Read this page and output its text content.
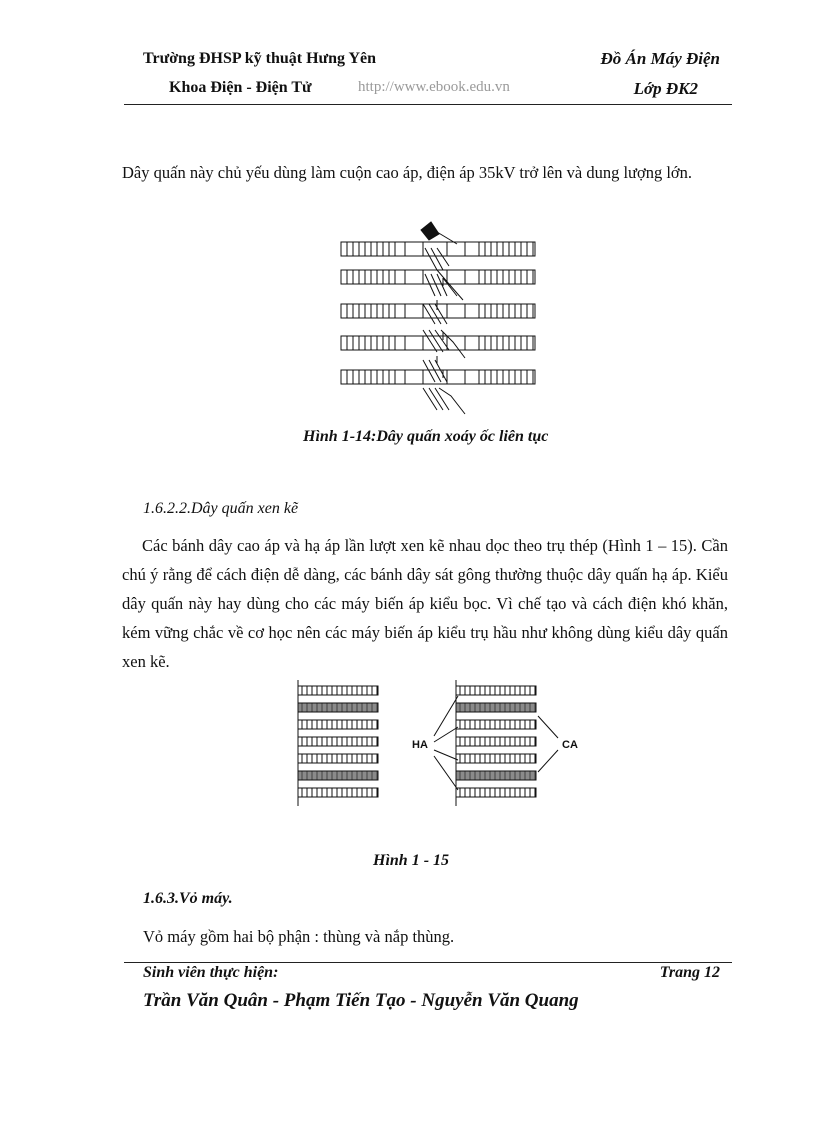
Trường ĐHSP kỹ thuật Hưng Yên	Đồ Án Máy Điện
Khoa Điện - Điện Tử	http://www.ebook.edu.vn	Lớp ĐK2
Dây quấn này chủ yếu dùng làm cuộn cao áp, điện áp 35kV trở lên và dung lượng lớn.
Hình 1-14:Dây quấn xoáy ốc liên tục
1.6.2.2.Dây quấn xen kẽ
Các bánh dây cao áp và hạ áp lần lượt xen kẽ nhau dọc theo trụ thép (Hình 1 – 15). Cần chú ý rằng để cách điện dễ dàng, các bánh dây sát gông thường thuộc dây quấn hạ áp. Kiểu dây quấn này hay dùng cho các máy biến áp kiểu bọc. Vì chế tạo và cách điện khó khăn, kém vững chắc về cơ học nên các máy biến áp kiểu trụ hầu như không dùng kiểu dây quấn xen kẽ.
HA	CA
Hình 1 - 15
1.6.3.Vỏ máy.
Vỏ máy gồm hai bộ phận : thùng và nắp thùng.
Sinh viên thực hiện:	Trang 12
Trần Văn Quân - Phạm Tiến Tạo - Nguyễn Văn Quang
